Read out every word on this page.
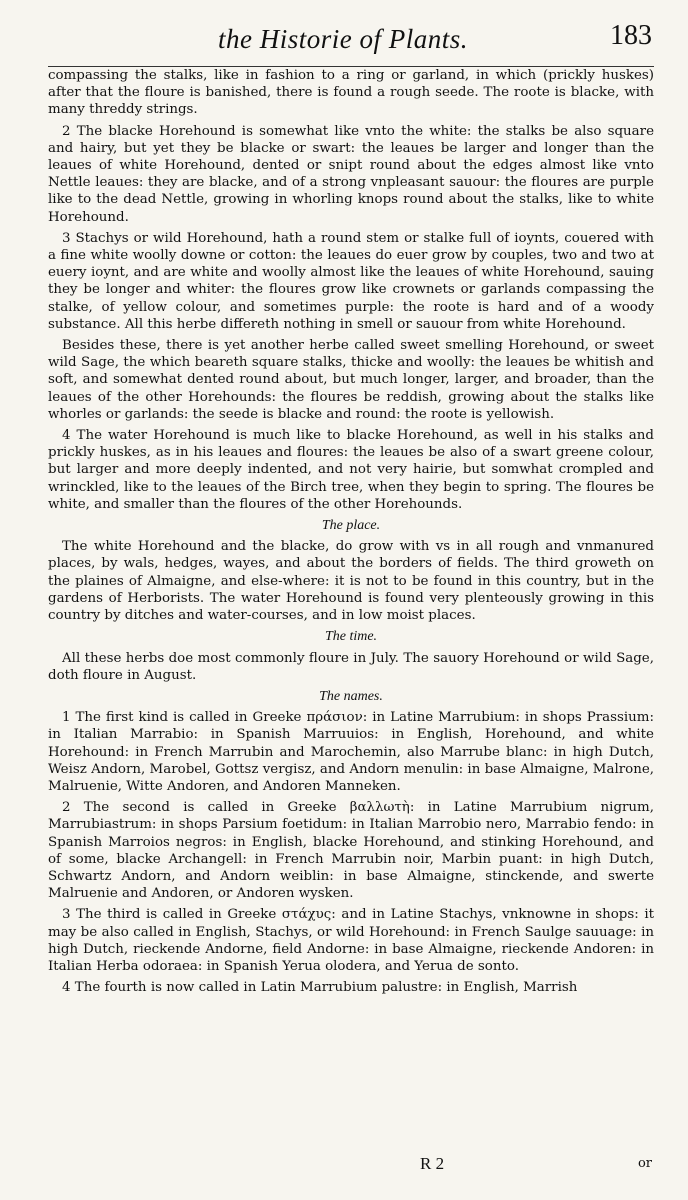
the Historie of Plants.	183

compassing the stalks, like in fashion to a ring or garland, in which (prickly huskes) after that the floure is banished, there is found a rough seede. The roote is blacke, with many threddy strings.

2 The blacke Horehound is somewhat like vnto the white: the stalks be also square and hairy, but yet they be blacke or swart: the leaues be larger and longer than the leaues of white Horehound, dented or snipt round about the edges almost like vnto Nettle leaues: they are blacke, and of a strong vnpleasant sauour: the floures are purple like to the dead Nettle, growing in whorling knops round about the stalks, like to white Horehound.

3 Stachys or wild Horehound, hath a round stem or stalke full of ioynts, couered with a fine white woolly downe or cotton: the leaues do euer grow by couples, two and two at euery ioynt, and are white and woolly almost like the leaues of white Horehound, sauing they be longer and whiter: the floures grow like crownets or garlands compassing the stalke, of yellow colour, and sometimes purple: the roote is hard and of a woody substance. All this herbe differeth nothing in smell or sauour from white Horehound.

Besides these, there is yet another herbe called sweet smelling Horehound, or sweet wild Sage, the which beareth square stalks, thicke and woolly: the leaues be whitish and soft, and somewhat dented round about, but much longer, larger, and broader, than the leaues of the other Horehounds: the floures be reddish, growing about the stalks like whorles or garlands: the seede is blacke and round: the roote is yellowish.

4 The water Horehound is much like to blacke Horehound, as well in his stalks and prickly huskes, as in his leaues and floures: the leaues be also of a swart greene colour, but larger and more deeply indented, and not very hairie, but somwhat crompled and wrinckled, like to the leaues of the Birch tree, when they begin to spring. The floures be white, and smaller than the floures of the other Horehounds.

The place.

The white Horehound and the blacke, do grow with vs in all rough and vnmanured places, by wals, hedges, wayes, and about the borders of fields. The third groweth on the plaines of Almaigne, and else-where: it is not to be found in this country, but in the gardens of Herborists. The water Horehound is found very plenteously growing in this country by ditches and water-courses, and in low moist places.

The time.

All these herbs doe most commonly floure in July. The sauory Horehound or wild Sage, doth floure in August.

The names.

1 The first kind is called in Greeke πράσιον: in Latine Marrubium: in shops Prassium: in Italian Marrabio: in Spanish Marruuios: in English, Horehound, and white Horehound: in French Marrubin and Marochemin, also Marrube blanc: in high Dutch, Weisz Andorn, Marobel, Gottsz vergisz, and Andorn menulin: in base Almaigne, Malrone, Malruenie, Witte Andoren, and Andoren Manneken.

2 The second is called in Greeke βαλλωτὴ: in Latine Marrubium nigrum, Marrubiastrum: in shops Parsium foetidum: in Italian Marrobio nero, Marrabio fendo: in Spanish Marroios negros: in English, blacke Horehound, and stinking Horehound, and of some, blacke Archangell: in French Marrubin noir, Marbin puant: in high Dutch, Schwartz Andorn, and Andorn weiblin: in base Almaigne, stinckende, and swerte Malruenie and Andoren, or Andoren wysken.

3 The third is called in Greeke στάχυς: and in Latine Stachys, vnknowne in shops: it may be also called in English, Stachys, or wild Horehound: in French Saulge sauuage: in high Dutch, rieckende Andorne, field Andorne: in base Almaigne, rieckende Andoren: in Italian Herba odoraea: in Spanish Yerua olodera, and Yerua de sonto.

4 The fourth is now called in Latin Marrubium palustre: in English, Marrish

R 2	or
